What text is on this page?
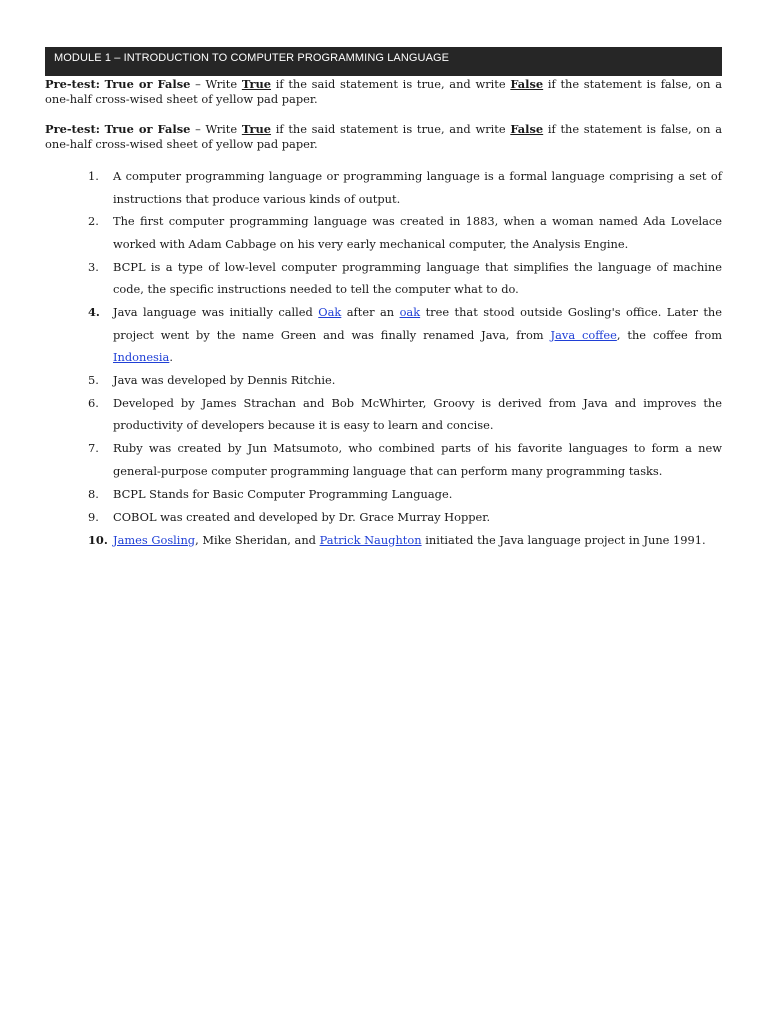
MODULE 1 – INTRODUCTION TO COMPUTER PROGRAMMING LANGUAGE
Pre-test: True or False – Write True if the said statement is true, and write False if the statement is false, on a one-half cross-wised sheet of yellow pad paper.
Pre-test: True or False – Write True if the said statement is true, and write False if the statement is false, on a one-half cross-wised sheet of yellow pad paper.
1. A computer programming language or programming language is a formal language comprising a set of instructions that produce various kinds of output.
2. The first computer programming language was created in 1883, when a woman named Ada Lovelace worked with Adam Cabbage on his very early mechanical computer, the Analysis Engine.
3. BCPL is a type of low-level computer programming language that simplifies the language of machine code, the specific instructions needed to tell the computer what to do.
4. Java language was initially called Oak after an oak tree that stood outside Gosling's office. Later the project went by the name Green and was finally renamed Java, from Java coffee, the coffee from Indonesia.
5. Java was developed by Dennis Ritchie.
6. Developed by James Strachan and Bob McWhirter, Groovy is derived from Java and improves the productivity of developers because it is easy to learn and concise.
7. Ruby was created by Jun Matsumoto, who combined parts of his favorite languages to form a new general-purpose computer programming language that can perform many programming tasks.
8. BCPL Stands for Basic Computer Programming Language.
9. COBOL was created and developed by Dr. Grace Murray Hopper.
10. James Gosling, Mike Sheridan, and Patrick Naughton initiated the Java language project in June 1991.
